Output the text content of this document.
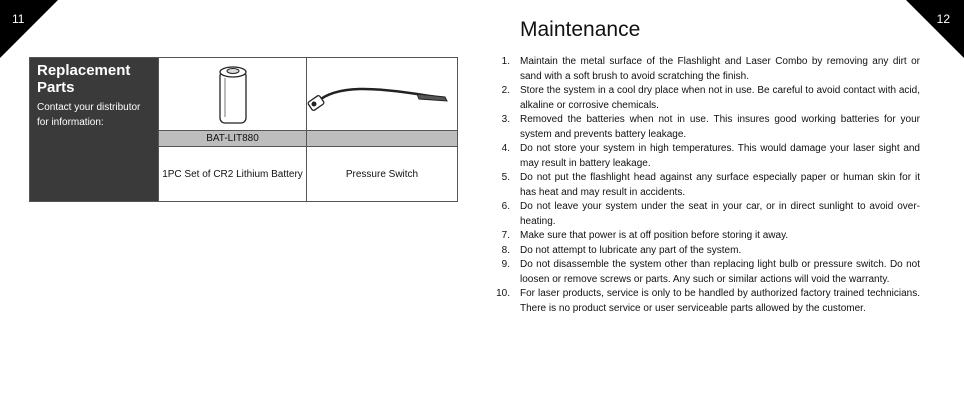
11	12
Replacement Parts
Contact your distributor for information:
BAT-LIT880
1PC Set of CR2 Lithium Battery	Pressure Switch
Maintenance
1.	Maintain the metal surface of the Flashlight and Laser Combo by removing any dirt or sand with a soft brush to avoid scratching the finish.
2.	Store the system in a cool dry place when not in use. Be careful to avoid contact with acid, alkaline or corrosive chemicals.
3.	Removed the batteries when not in use. This insures good working batteries for your system and prevents battery leakage.
4.	Do not store your system in high temperatures. This would damage your laser sight and may result in battery leakage.
5.	Do not put the flashlight head against any surface especially paper or human skin for it has heat and may result in accidents.
6.	Do not leave your system under the seat in your car, or in direct sunlight to avoid over-heating.
7.	Make sure that power is at off position before storing it away.
8.	Do not attempt to lubricate any part of the system.
9.	Do not disassemble the system other than replacing light bulb or pressure switch. Do not loosen or remove screws or parts. Any such or similar actions will void the warranty.
10.	For laser products, service is only to be handled by authorized factory trained technicians. There is no product service or user serviceable parts allowed by the customer.
